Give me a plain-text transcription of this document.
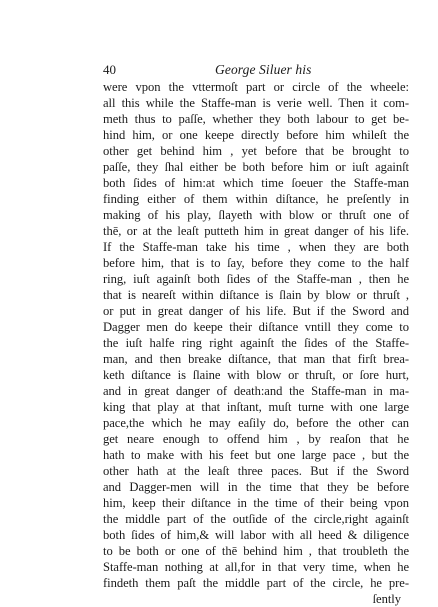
40	George Siluer his
were vpon the vttermoſt part or circle of the wheele:
all this while the Staffe-man is verie well. Then it com-
meth thus to paſſe, whether they both labour to get be-
hind him, or one keepe directly before him whileſt the
other get behind him , yet before that be brought to
paſſe, they ſhal either be both before him or iuſt againſt
both ſides of him:at which time ſoeuer the Staffe-man
finding either of them within diſtance, he preſently in
making of his play, ſlayeth with blow or thruſt one of
thē, or at the leaſt putteth him in great danger of his life.
If the Staffe-man take his time , when they are both
before him, that is to ſay, before they come to the half
ring, iuſt againſt both ſides of the Staffe-man , then he
that is neareſt within diſtance is ſlain by blow or thruſt ,
or put in great danger of his life. But if the Sword and
Dagger men do keepe their diſtance vntill they come to
the iuſt halfe ring right againſt the ſides of the Staffe-
man, and then breake diſtance, that man that firſt brea-
keth diſtance is ſlaine with blow or thruſt, or ſore hurt,
and in great danger of death:and the Staffe-man in ma-
king that play at that inſtant, muſt turne with one large
pace,the which he may eaſily do, before the other can
get neare enough to offend him , by reaſon that he
hath to make with his feet but one large pace , but the
other hath at the leaſt three paces. But if the Sword
and Dagger-men will in the time that they be before
him, keep their diſtance in the time of their being vpon
the middle part of the outſide of the circle,right againſt
both ſides of him,& will labor with all heed & diligence
to be both or one of thē behind him , that troubleth the
Staffe-man nothing at all,for in that very time, when he
findeth them paſt the middle part of the circle, he pre-
ſently
